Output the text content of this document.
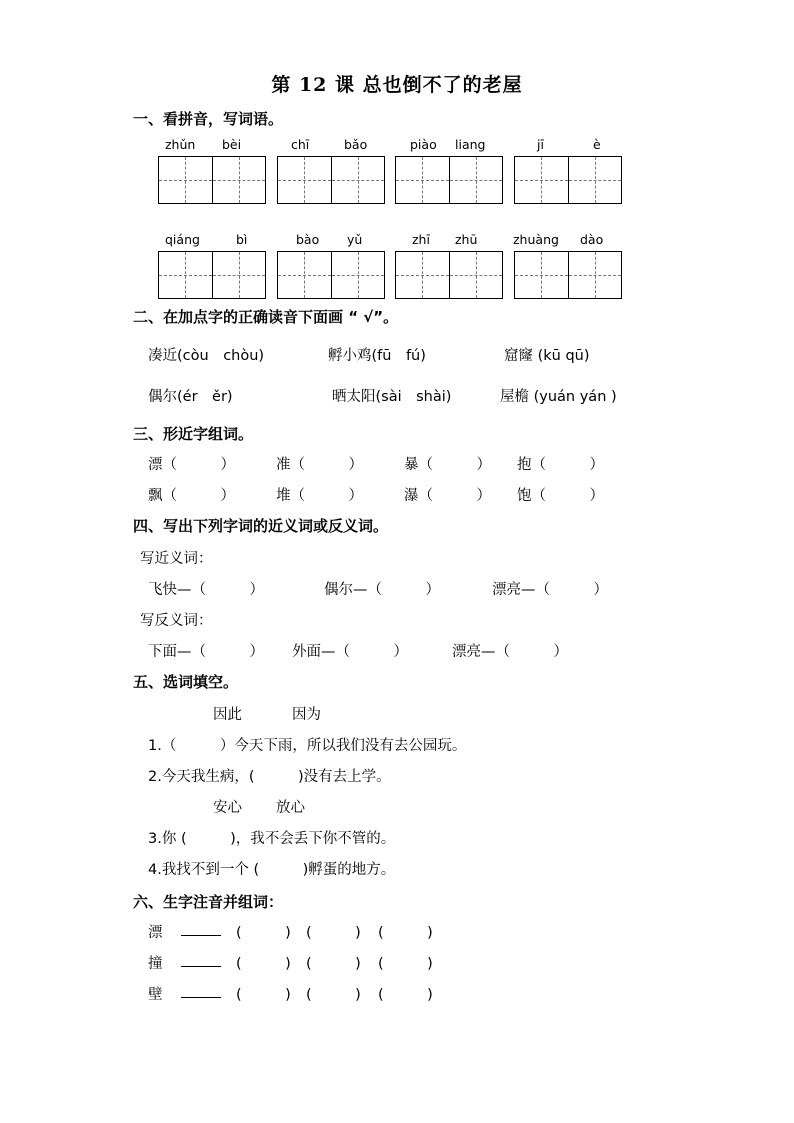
第 12 课 总也倒不了的老屋
一、看拼音，写词语。
zhǔn bèi	chī	bǎo	piào liang	jī	è
qiáng	bì	bào yǔ	zhī zhū	zhuàng dào
二、在加点字的正确读音下面画 “ √”。
凑近(còu　chòu)	孵小鸡(fū　fú)	窟窿 (kū qū)
偶尔(ér　ěr)	晒太阳(sài　shài)	屋檐 (yuán yán )
三、形近字组词。
漂（　　　）	准（　　　）	暴（　　　） 抱（　　　）
飘（　　　）	堆（　　　）	瀑（　　　） 饱（　　　）
四、写出下列字词的近义词或反义词。
写近义词：
飞快—（　　　）	偶尔—（　　　）	漂亮—（　　　）
写反义词：
下面—（　　　） 外面—（　　　）	漂亮—（　　　）
五、选词填空。
因此	因为
1.（　　　）今天下雨，所以我们没有去公园玩。
2.今天我生病，(　　　)没有去上学。
安心 放心
3.你 (　　　)，我不会丢下你不管的。
4.我找不到一个 (　　　)孵蛋的地方。
六、生字注音并组词：
漂	(　　　) (　　　) (　　　)
撞	(　　　) (　　　) (　　　)
壁	(　　　) (　　　) (　　　)
